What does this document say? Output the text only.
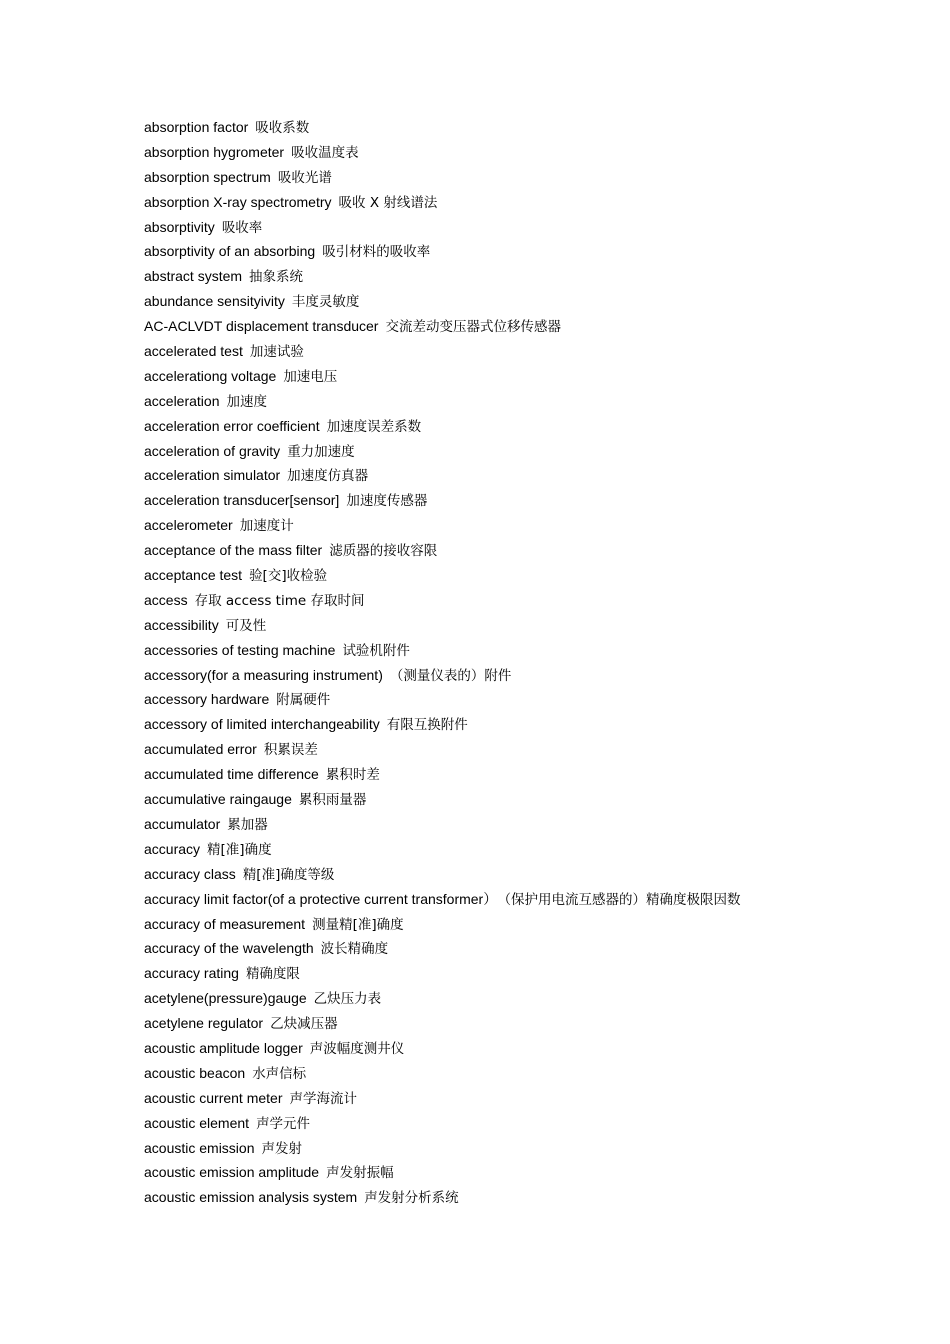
absorption factor 吸收系数
absorption hygrometer 吸收温度表
absorption spectrum 吸收光谱
absorption X-ray spectrometry 吸收 X 射线谱法
absorptivity 吸收率
absorptivity of an absorbing 吸引材料的吸收率
abstract system 抽象系统
abundance sensityivity 丰度灵敏度
AC-ACLVDT displacement transducer 交流差动变压器式位移传感器
accelerated test 加速试验
accelerationg voltage 加速电压
acceleration 加速度
acceleration error coefficient 加速度误差系数
acceleration of gravity 重力加速度
acceleration simulator 加速度仿真器
acceleration transducer[sensor] 加速度传感器
accelerometer 加速度计
acceptance of the mass filter 滤质器的接收容限
acceptance test 验[交]收检验
access 存取 access time 存取时间
accessibility 可及性
accessories of testing machine 试验机附件
accessory(for a measuring instrument) （测量仪表的）附件
accessory hardware 附属硬件
accessory of limited interchangeability 有限互换附件
accumulated error 积累误差
accumulated time difference 累积时差
accumulative raingauge 累积雨量器
accumulator 累加器
accuracy 精[准]确度
accuracy class 精[准]确度等级
accuracy limit factor(of a protective current transformer） （保护用电流互感器的）精确度极限因数
accuracy of measurement 测量精[准]确度
accuracy of the wavelength 波长精确度
accuracy rating 精确度限
acetylene(pressure)gauge 乙炔压力表
acetylene regulator 乙炔减压器
acoustic amplitude logger 声波幅度测井仪
acoustic beacon 水声信标
acoustic current meter 声学海流计
acoustic element 声学元件
acoustic emission 声发射
acoustic emission amplitude 声发射振幅
acoustic emission analysis system 声发射分析系统
